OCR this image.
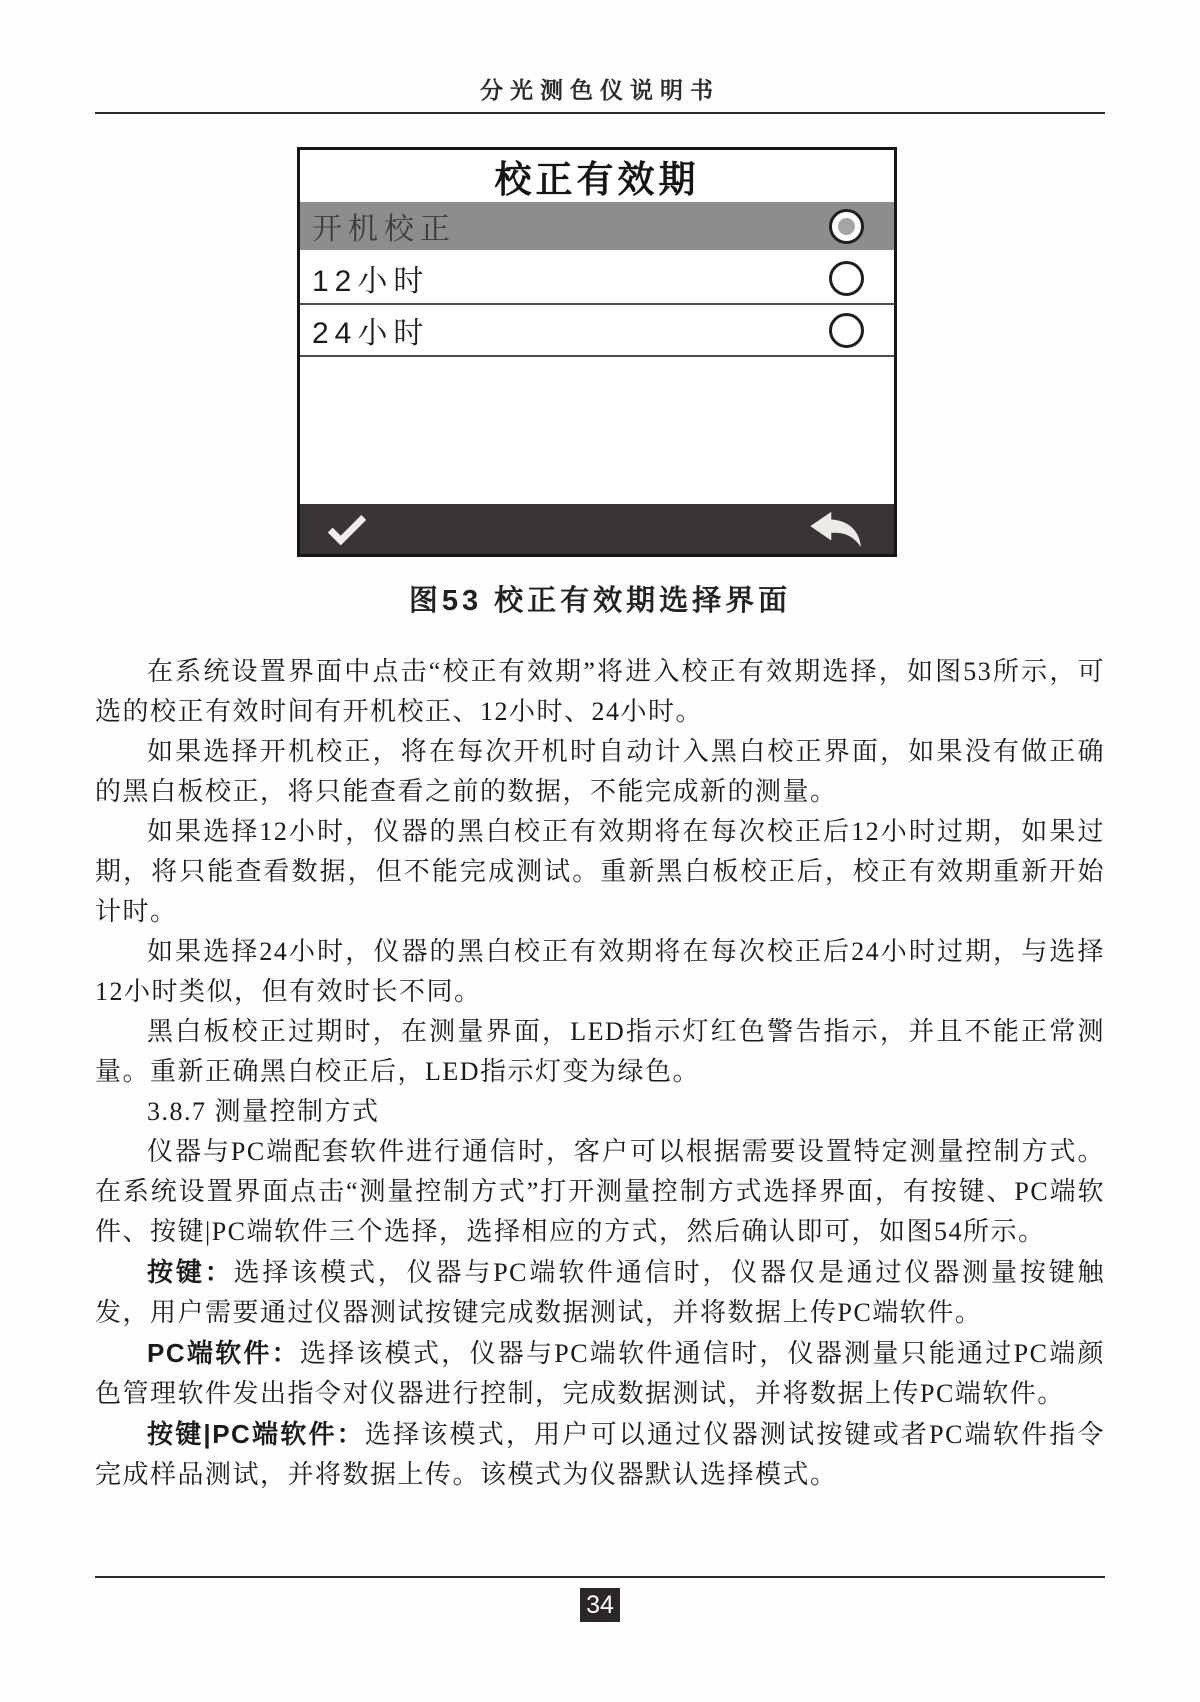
分光测色仪说明书
校正有效期
开机校正
12小时
24小时
图53 校正有效期选择界面

在系统设置界面中点击“校正有效期”将进入校正有效期选择，如图53所示，可选的校正有效时间有开机校正、12小时、24小时。

如果选择开机校正，将在每次开机时自动计入黑白校正界面，如果没有做正确的黑白板校正，将只能查看之前的数据，不能完成新的测量。

如果选择12小时，仪器的黑白校正有效期将在每次校正后12小时过期，如果过期，将只能查看数据，但不能完成测试。重新黑白板校正后，校正有效期重新开始计时。

如果选择24小时，仪器的黑白校正有效期将在每次校正后24小时过期，与选择12小时类似，但有效时长不同。

黑白板校正过期时，在测量界面，LED指示灯红色警告指示，并且不能正常测量。重新正确黑白校正后，LED指示灯变为绿色。

3.8.7 测量控制方式

仪器与PC端配套软件进行通信时，客户可以根据需要设置特定测量控制方式。在系统设置界面点击“测量控制方式”打开测量控制方式选择界面，有按键、PC端软件、按键|PC端软件三个选择，选择相应的方式，然后确认即可，如图54所示。

按键：选择该模式，仪器与PC端软件通信时，仪器仅是通过仪器测量按键触发，用户需要通过仪器测试按键完成数据测试，并将数据上传PC端软件。

PC端软件：选择该模式，仪器与PC端软件通信时，仪器测量只能通过PC端颜色管理软件发出指令对仪器进行控制，完成数据测试，并将数据上传PC端软件。

按键|PC端软件：选择该模式，用户可以通过仪器测试按键或者PC端软件指令完成样品测试，并将数据上传。该模式为仪器默认选择模式。

34
